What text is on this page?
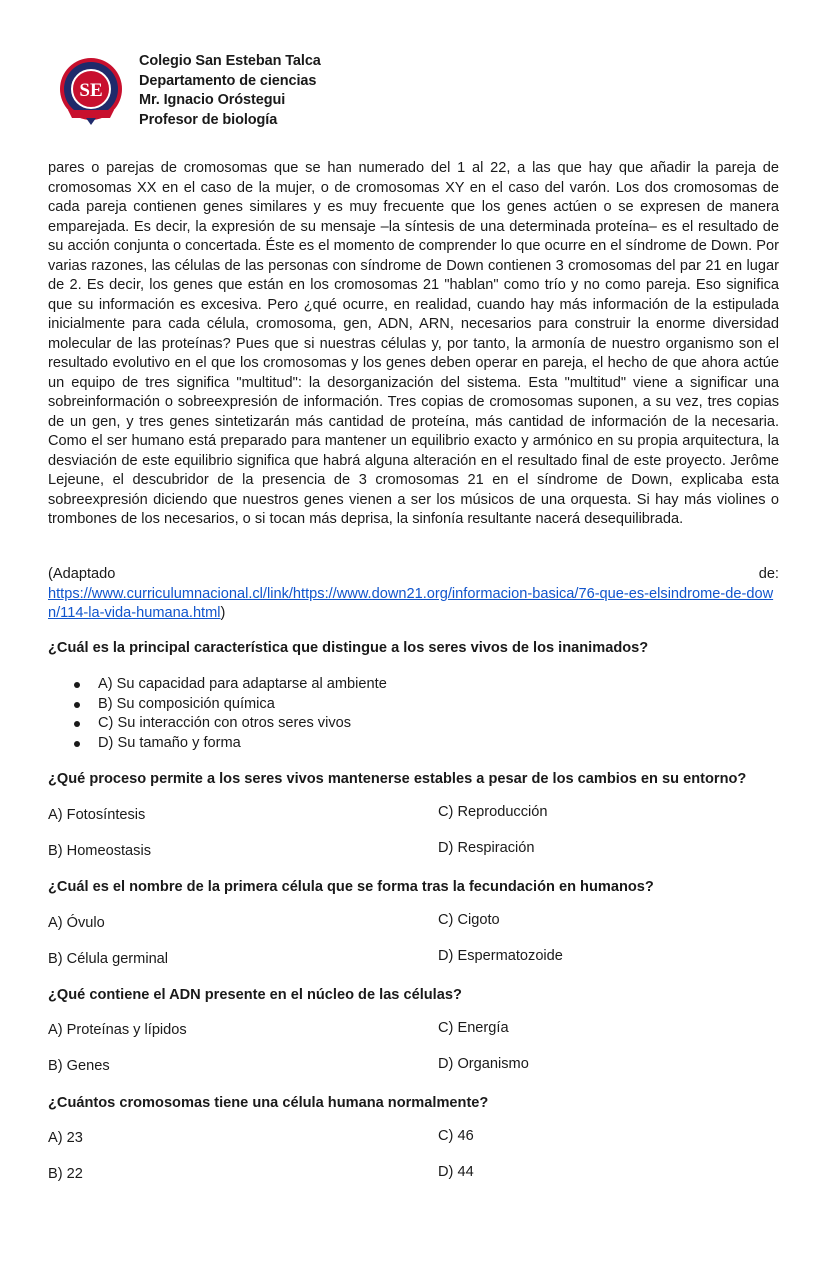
SE
Colegio San Esteban Talca
Departamento de ciencias
Mr. Ignacio Oróstegui
Profesor de biología
pares o parejas de cromosomas que se han numerado del 1 al 22, a las que hay que añadir la pareja de cromosomas XX en el caso de la mujer, o de cromosomas XY en el caso del varón. Los dos cromosomas de cada pareja contienen genes similares y es muy frecuente que los genes actúen o se expresen de manera emparejada. Es decir, la expresión de su mensaje –la síntesis de una determinada proteína– es el resultado de su acción conjunta o concertada. Éste es el momento de comprender lo que ocurre en el síndrome de Down. Por varias razones, las células de las personas con síndrome de Down contienen 3 cromosomas del par 21 en lugar de 2. Es decir, los genes que están en los cromosomas 21 "hablan" como trío y no como pareja. Eso significa que su información es excesiva. Pero ¿qué ocurre, en realidad, cuando hay más información de la estipulada inicialmente para cada célula, cromosoma, gen, ADN, ARN, necesarios para construir la enorme diversidad molecular de las proteínas? Pues que si nuestras células y, por tanto, la armonía de nuestro organismo son el resultado evolutivo en el que los cromosomas y los genes deben operar en pareja, el hecho de que ahora actúe un equipo de tres significa "multitud": la desorganización del sistema. Esta "multitud" viene a significar una sobreinformación o sobreexpresión de información. Tres copias de cromosomas suponen, a su vez, tres copias de un gen, y tres genes sintetizarán más cantidad de proteína, más cantidad de información de la necesaria. Como el ser humano está preparado para mantener un equilibrio exacto y armónico en su propia arquitectura, la desviación de este equilibrio significa que habrá alguna alteración en el resultado final de este proyecto. Jerôme Lejeune, el descubridor de la presencia de 3 cromosomas 21 en el síndrome de Down, explicaba esta sobreexpresión diciendo que nuestros genes vienen a ser los músicos de una orquesta. Si hay más violines o trombones de los necesarios, o si tocan más deprisa, la sinfonía resultante nacerá desequilibrada.
(Adaptado	de:
https://www.curriculumnacional.cl/link/https://www.down21.org/informacion-basica/76-que-es-elsindrome-de-down/114-la-vida-humana.html)
¿Cuál es la principal característica que distingue a los seres vivos de los inanimados?
A) Su capacidad para adaptarse al ambiente
B) Su composición química
C) Su interacción con otros seres vivos
D) Su tamaño y forma
¿Qué proceso permite a los seres vivos mantenerse estables a pesar de los cambios en su entorno?
A) Fotosíntesis
B) Homeostasis
C) Reproducción
D) Respiración
¿Cuál es el nombre de la primera célula que se forma tras la fecundación en humanos?
A) Óvulo
B) Célula germinal
C) Cigoto
D) Espermatozoide
¿Qué contiene el ADN presente en el núcleo de las células?
A) Proteínas y lípidos
B) Genes
C) Energía
D) Organismo
¿Cuántos cromosomas tiene una célula humana normalmente?
A) 23
B) 22
C) 46
D) 44
